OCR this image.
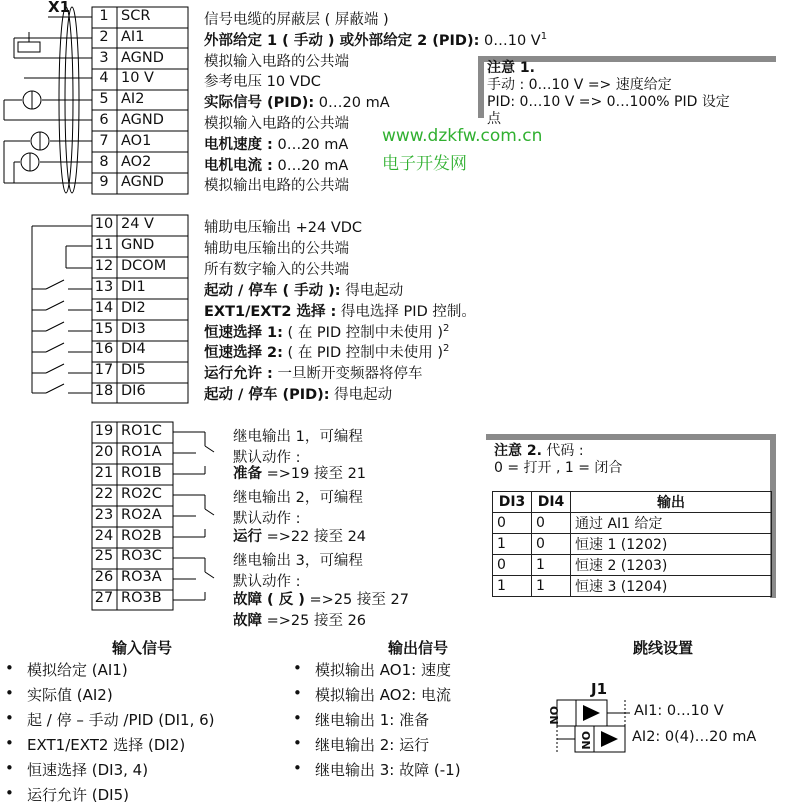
X1	1 SCR	信号电缆的屏蔽层 ( 屏蔽端 )
2 AI1	外部给定 1 ( 手动 ) 或外部给定 2 (PID): 0…10 $V^1$
3 AGND	模拟输入电路的公共端
4 10 V	参考电压 10 VDC
5 AI2	实际信号 (PID): 0…20 mA
6 AGND	模拟输入电路的公共端
7 AO1	电机速度 : 0…20 mA
8 AO2	电机电流 : 0…20 mA
9 AGND	模拟输出电路的公共端
10 24 V	辅助电压输出 +24 VDC
11 GND	辅助电压输出的公共端
12 DCOM	所有数字输入的公共端
13 DI1	起动 / 停车 ( 手动 ): 得电起动
14 DI2	EXT1/EXT2 选择 : 得电选择 PID 控制。
15 DI3	恒速选择 1: ( 在 PID 控制中未使用 )$^2$
16 DI4	恒速选择 2: ( 在 PID 控制中未使用 )$^2$
17 DI5	运行允许 : 一旦断开变频器将停车
18 DI6	起动 / 停车 (PID): 得电起动
19 RO1C
20 RO1A
21 RO1B
22 RO2C
23 RO2A
24 RO2B
25 RO3C
26 RO3A
27 RO3B
继电输出 1，可编程
默认动作 :
准备 =>19 接至 21
继电输出 2，可编程
默认动作 :
运行 =>22 接至 24
继电输出 3，可编程
默认动作 :
故障 ( 反 ) =>25 接至 27
故障 =>25 接至 26
注意 1.
手动 : 0…10 V => 速度给定
PID: 0…10 V => 0…100% PID 设定
点
www.dzkfw.com.cn
电子开发网
注意 2. 代码 :
0 = 打开 , 1 = 闭合
DI3	DI4	输出
0	0	通过 AI1 给定
1	0	恒速 1 (1202)
0	1	恒速 2 (1203)
1	1	恒速 3 (1204)
输入信号	输出信号	跳线设置
• 模拟给定 (AI1)
• 实际值 (AI2)
• 起 / 停 – 手动 /PID (DI1, 6)
• EXT1/EXT2 选择 (DI2)
• 恒速选择 (DI3, 4)
• 运行允许 (DI5)
• 模拟输出 AO1: 速度
• 模拟输出 AO2: 电流
• 继电输出 1: 准备
• 继电输出 2: 运行
• 继电输出 3: 故障 (-1)
J1
ON
ON
AI1: 0…10 V
AI2: 0(4)…20 mA
